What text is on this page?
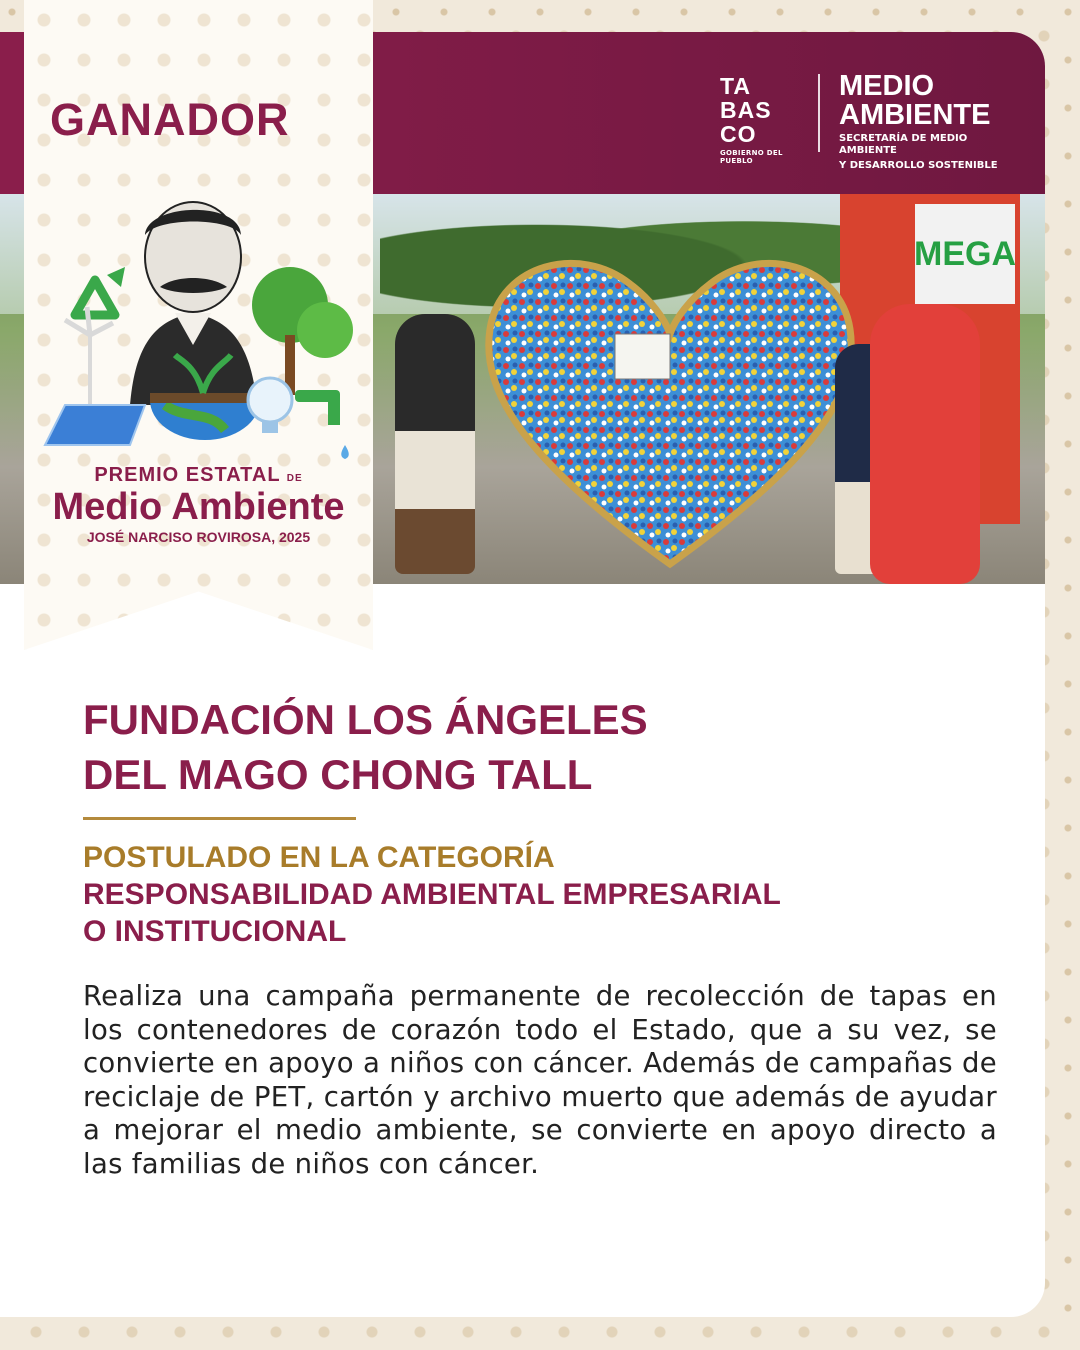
MEGA
TA
BAS
CO
GOBIERNO DEL PUEBLO
MEDIO
AMBIENTE
SECRETARÍA DE MEDIO AMBIENTE
Y DESARROLLO SOSTENIBLE
FUNDACIÓN LOS ÁNGELES
DEL MAGO CHONG TALL
POSTULADO EN LA CATEGORÍA
RESPONSABILIDAD AMBIENTAL EMPRESARIAL
O INSTITUCIONAL

Realiza una campaña permanente de recolección de tapas en los contenedores de corazón todo el Estado, que a su vez, se convierte en apoyo a niños con cáncer. Además de campañas de reciclaje de PET, cartón y archivo muerto que además de ayudar a mejorar el medio ambiente, se convierte en apoyo directo a las familias de niños con cáncer.

GANADOR
PREMIO ESTATAL DE
Medio Ambiente
JOSÉ NARCISO ROVIROSA, 2025
